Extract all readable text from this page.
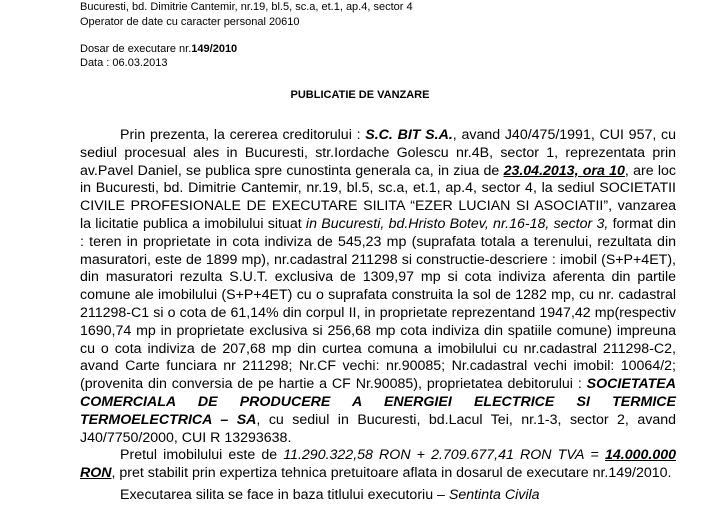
Bucuresti, bd. Dimitrie Cantemir, nr.19, bl.5, sc.a, et.1, ap.4, sector 4
Operator de date cu caracter personal 20610
Dosar de executare nr.149/2010
Data : 06.03.2013
PUBLICATIE DE VANZARE

Prin prezenta, la cererea creditorului : S.C. BIT S.A., avand J40/475/1991, CUI 957, cu sediul procesual ales in Bucuresti, str.Iordache Golescu nr.4B, sector 1, reprezentata prin av.Pavel Daniel, se publica spre cunostinta generala ca, in ziua de 23.04.2013, ora 10, are loc in Bucuresti, bd. Dimitrie Cantemir, nr.19, bl.5, sc.a, et.1, ap.4, sector 4, la sediul SOCIETATII CIVILE PROFESIONALE DE EXECUTARE SILITA “EZER LUCIAN SI ASOCIATII”, vanzarea la licitatie publica a imobilului situat in Bucuresti, bd.Hristo Botev, nr.16-18, sector 3, format din : teren in proprietate in cota indiviza de 545,23 mp (suprafata totala a terenului, rezultata din masuratori, este de 1899 mp), nr.cadastral 211298 si constructie-descriere : imobil (S+P+4ET), din masuratori rezulta S.U.T. exclusiva de 1309,97 mp si cota indiviza aferenta din partile comune ale imobilului (S+P+4ET) cu o suprafata construita la sol de 1282 mp, cu nr. cadastral 211298-C1 si o cota de 61,14% din corpul II, in proprietate reprezentand 1947,42 mp(respectiv 1690,74 mp in proprietate exclusiva si 256,68 mp cota indiviza din spatiile comune) impreuna cu o cota indiviza de 207,68 mp din curtea comuna a imobilului cu nr.cadastral 211298-C2, avand Carte funciara nr 211298; Nr.CF vechi: nr.90085; Nr.cadastral vechi imobil: 10064/2; (provenita din conversia de pe hartie a CF Nr.90085), proprietatea debitorului : SOCIETATEA COMERCIALA DE PRODUCERE A ENERGIEI ELECTRICE SI TERMICE TERMOELECTRICA – SA, cu sediul in Bucuresti, bd.Lacul Tei, nr.1-3, sector 2, avand J40/7750/2000, CUI R 13293638.

Pretul imobilului este de 11.290.322,58 RON + 2.709.677,41 RON TVA = 14.000.000 RON, pret stabilit prin expertiza tehnica pretuitoare aflata in dosarul de executare nr.149/2010.

Executarea silita se face in baza titlului executoriu – Sentinta Civila
